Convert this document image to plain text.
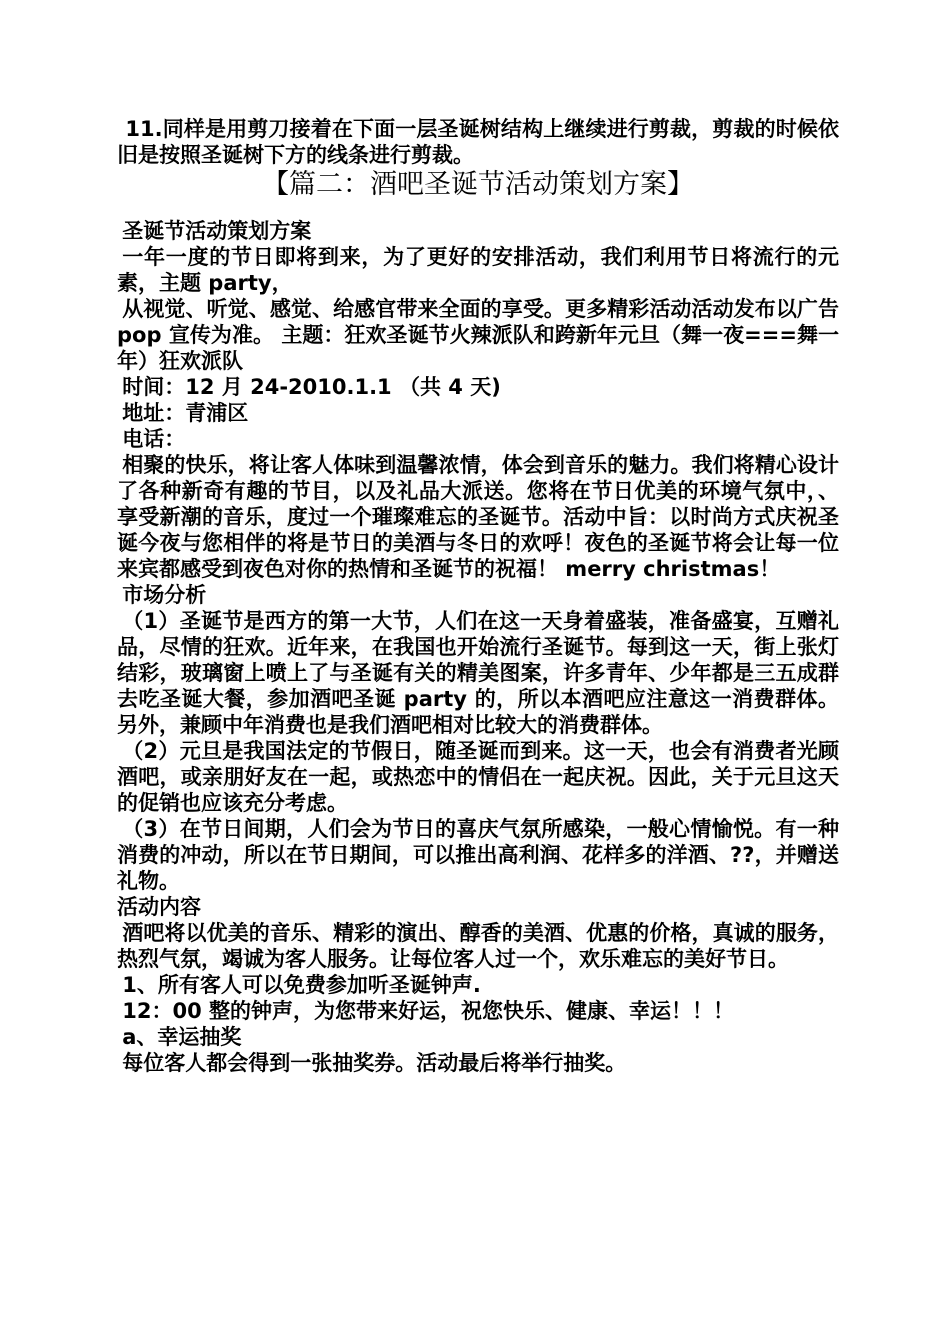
11.同样是用剪刀接着在下面一层圣诞树结构上继续进行剪裁，剪裁的时候依旧是按照圣诞树下方的线条进行剪裁。

【篇二：酒吧圣诞节活动策划方案】

圣诞节活动策划方案

一年一度的节日即将到来，为了更好的安排活动，我们利用节日将流行的元素，主题 party，

从视觉、听觉、感觉、给感官带来全面的享受。更多精彩活动活动发布以广告 pop 宣传为准。 主题：狂欢圣诞节火辣派队和跨新年元旦（舞一夜===舞一年）狂欢派队

时间：12 月 24-2010.1.1 （共 4 天)

地址：青浦区

电话：

相聚的快乐，将让客人体味到温馨浓情，体会到音乐的魅力。我们将精心设计了各种新奇有趣的节目，以及礼品大派送。您将在节日优美的环境气氛中，、享受新潮的音乐，度过一个璀璨难忘的圣诞节。活动中旨：以时尚方式庆祝圣诞今夜与您相伴的将是节日的美酒与冬日的欢呼！夜色的圣诞节将会让每一位来宾都感受到夜色对你的热情和圣诞节的祝福！ merry christmas！

市场分析

（1）圣诞节是西方的第一大节，人们在这一天身着盛装，准备盛宴，互赠礼品，尽情的狂欢。近年来，在我国也开始流行圣诞节。每到这一天，街上张灯结彩，玻璃窗上喷上了与圣诞有关的精美图案，许多青年、少年都是三五成群去吃圣诞大餐，参加酒吧圣诞 party 的，所以本酒吧应注意这一消费群体。另外，兼顾中年消费也是我们酒吧相对比较大的消费群体。

（2）元旦是我国法定的节假日，随圣诞而到来。这一天，也会有消费者光顾酒吧，或亲朋好友在一起，或热恋中的情侣在一起庆祝。因此，关于元旦这天的促销也应该充分考虑。

（3）在节日间期，人们会为节日的喜庆气氛所感染，一般心情愉悦。有一种消费的冲动，所以在节日期间，可以推出高利润、花样多的洋酒、??，并赠送礼物。

活动内容

酒吧将以优美的音乐、精彩的演出、醇香的美酒、优惠的价格，真诚的服务，热烈气氛，竭诚为客人服务。让每位客人过一个，欢乐难忘的美好节日。

1、所有客人可以免费参加听圣诞钟声.

12：00 整的钟声，为您带来好运，祝您快乐、健康、幸运！！！

a、幸运抽奖

每位客人都会得到一张抽奖券。活动最后将举行抽奖。
